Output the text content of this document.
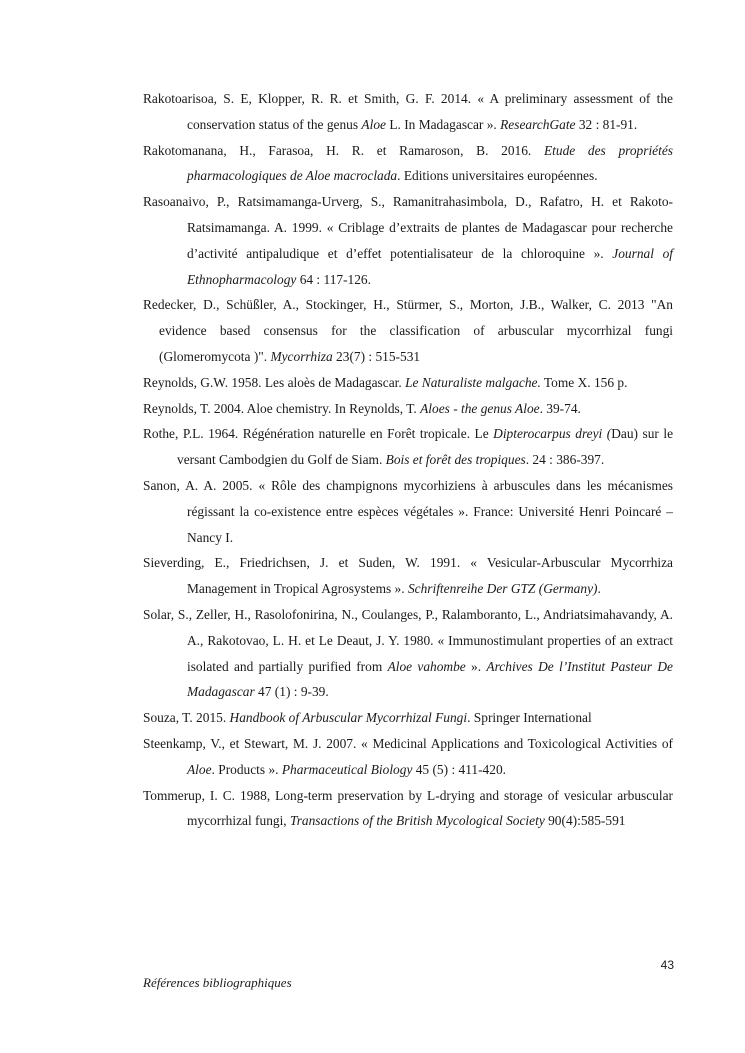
Rakotoarisoa, S. E, Klopper, R. R. et Smith, G. F. 2014. « A preliminary assessment of the conservation status of the genus Aloe L. In Madagascar ». ResearchGate 32 : 81-91.

Rakotomanana, H., Farasoa, H. R. et Ramaroson, B. 2016. Etude des propriétés pharmacologiques de Aloe macroclada. Editions universitaires européennes.

Rasoanaivo, P., Ratsimamanga-Urverg, S., Ramanitrahasimbola, D., Rafatro, H. et Rakoto-Ratsimamanga. A. 1999. « Criblage d’extraits de plantes de Madagascar pour recherche d’activité antipaludique et d’effet potentialisateur de la chloroquine ». Journal of Ethnopharmacology 64 : 117-126.

Redecker, D., Schüßler, A., Stockinger, H., Stürmer, S., Morton, J.B., Walker, C. 2013 "An evidence based consensus for the classification of arbuscular mycorrhizal fungi (Glomeromycota )". Mycorrhiza 23(7) : 515-531

Reynolds, G.W. 1958. Les aloès de Madagascar. Le Naturaliste malgache. Tome X. 156 p.

Reynolds, T. 2004. Aloe chemistry. In Reynolds, T. Aloes - the genus Aloe. 39-74.

Rothe, P.L. 1964. Régénération naturelle en Forêt tropicale. Le Dipterocarpus dreyi (Dau) sur le versant Cambodgien du Golf de Siam. Bois et forêt des tropiques. 24 : 386-397.

Sanon, A. A. 2005. « Rôle des champignons mycorhiziens à arbuscules dans les mécanismes régissant la co-existence entre espèces végétales ». France: Université Henri Poincaré – Nancy I.

Sieverding, E., Friedrichsen, J. et Suden, W. 1991. « Vesicular-Arbuscular Mycorrhiza Management in Tropical Agrosystems ». Schriftenreihe Der GTZ (Germany).

Solar, S., Zeller, H., Rasolofonirina, N., Coulanges, P., Ralamboranto, L., Andriatsimahavandy, A. A., Rakotovao, L. H. et Le Deaut, J. Y. 1980. « Immunostimulant properties of an extract isolated and partially purified from Aloe vahombe ». Archives De l’Institut Pasteur De Madagascar 47 (1) : 9-39.

Souza, T. 2015. Handbook of Arbuscular Mycorrhizal Fungi. Springer International

Steenkamp, V., et Stewart, M. J. 2007. « Medicinal Applications and Toxicological Activities of Aloe. Products ». Pharmaceutical Biology 45 (5) : 411-420.

Tommerup, I. C. 1988, Long-term preservation by L-drying and storage of vesicular arbuscular mycorrhizal fungi, Transactions of the British Mycological Society 90(4):585-591

43
Références bibliographiques
